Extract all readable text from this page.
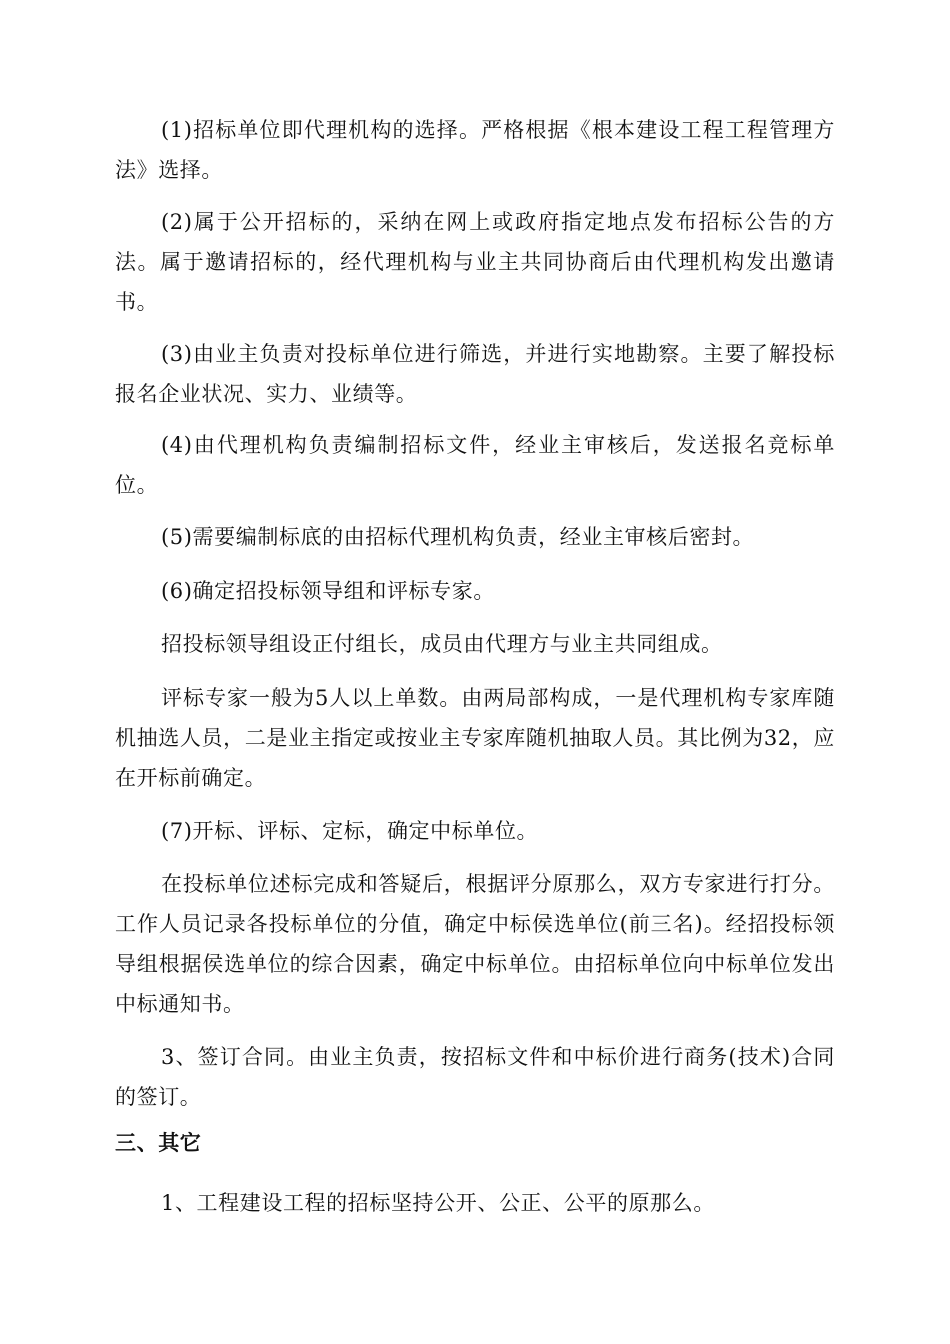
(1)招标单位即代理机构的选择。严格根据《根本建设工程工程管理方法》选择。

(2)属于公开招标的，采纳在网上或政府指定地点发布招标公告的方法。属于邀请招标的，经代理机构与业主共同协商后由代理机构发出邀请书。

(3)由业主负责对投标单位进行筛选，并进行实地勘察。主要了解投标报名企业状况、实力、业绩等。

(4)由代理机构负责编制招标文件，经业主审核后，发送报名竞标单位。

(5)需要编制标底的由招标代理机构负责，经业主审核后密封。

(6)确定招投标领导组和评标专家。

招投标领导组设正付组长，成员由代理方与业主共同组成。

评标专家一般为5人以上单数。由两局部构成，一是代理机构专家库随机抽选人员，二是业主指定或按业主专家库随机抽取人员。其比例为32，应在开标前确定。

(7)开标、评标、定标，确定中标单位。

在投标单位述标完成和答疑后，根据评分原那么，双方专家进行打分。工作人员记录各投标单位的分值，确定中标侯选单位(前三名)。经招投标领导组根据侯选单位的综合因素，确定中标单位。由招标单位向中标单位发出中标通知书。

3、签订合同。由业主负责，按招标文件和中标价进行商务(技术)合同的签订。

三、其它

1、工程建设工程的招标坚持公开、公正、公平的原那么。
